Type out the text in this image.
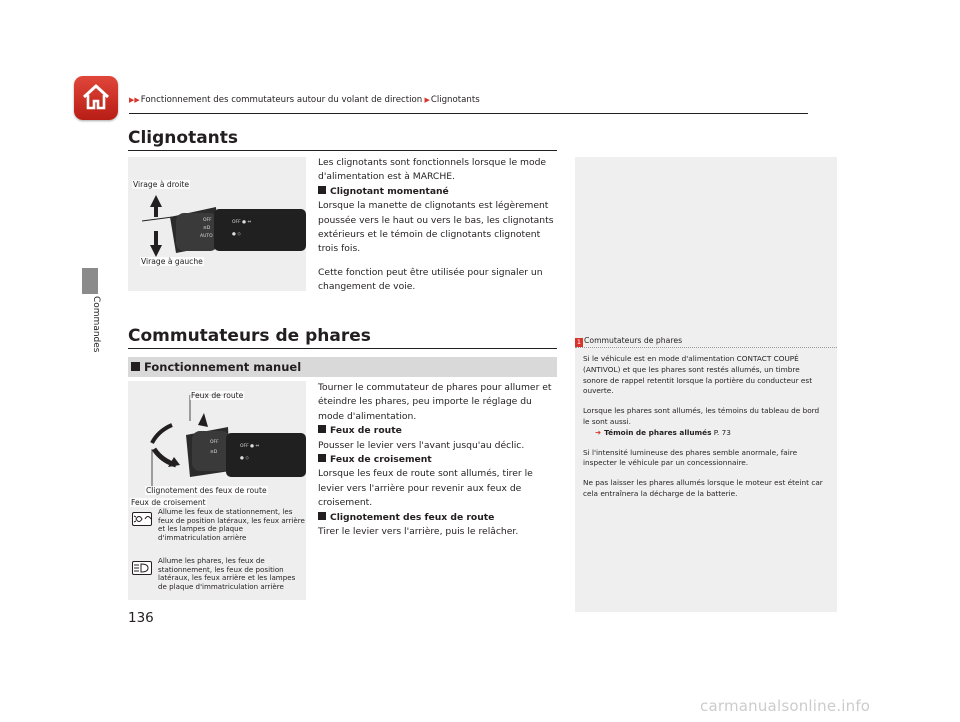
▶▶Fonctionnement des commutateurs autour du volant de direction ▶Clignotants
Commandes
Clignotants
OFF
≡D
AUTO
OFF ● ⇔
● ◇
Virage à droite
Virage à gauche

Les clignotants sont fonctionnels lorsque le mode d'alimentation est à MARCHE.

Clignotant momentané

Lorsque la manette de clignotants est légèrement poussée vers le haut ou vers le bas, les clignotants extérieurs et le témoin de clignotants clignotent trois fois.

Cette fonction peut être utilisée pour signaler un changement de voie.

Commutateurs de phares
Fonctionnement manuel
OFF
≡D
OFF ● ⇔
● ◇
Feux de route
Clignotement des feux de route
Feux de croisement
Allume les feux de stationnement, les feux de position latéraux, les feux arrière et les lampes de plaque d'immatriculation arrière
Allume les phares, les feux de stationnement, les feux de position latéraux, les feux arrière et les lampes de plaque d'immatriculation arrière

Tourner le commutateur de phares pour allumer et éteindre les phares, peu importe le réglage du mode d'alimentation.

Feux de route

Pousser le levier vers l'avant jusqu'au déclic.

Feux de croisement

Lorsque les feux de route sont allumés, tirer le levier vers l'arrière pour revenir aux feux de croisement.

Clignotement des feux de route

Tirer le levier vers l'arrière, puis le relâcher.

1 Commutateurs de phares
Si le véhicule est en mode d'alimentation CONTACT COUPÉ (ANTIVOL) et que les phares sont restés allumés, un timbre sonore de rappel retentit lorsque la portière du conducteur est ouverte.
Lorsque les phares sont allumés, les témoins du tableau de bord le sont aussi.
➜ Témoin de phares allumés P. 73
Si l'intensité lumineuse des phares semble anormale, faire inspecter le véhicule par un concessionnaire.
Ne pas laisser les phares allumés lorsque le moteur est éteint car cela entraînera la décharge de la batterie.
136
carmanualsonline.info
